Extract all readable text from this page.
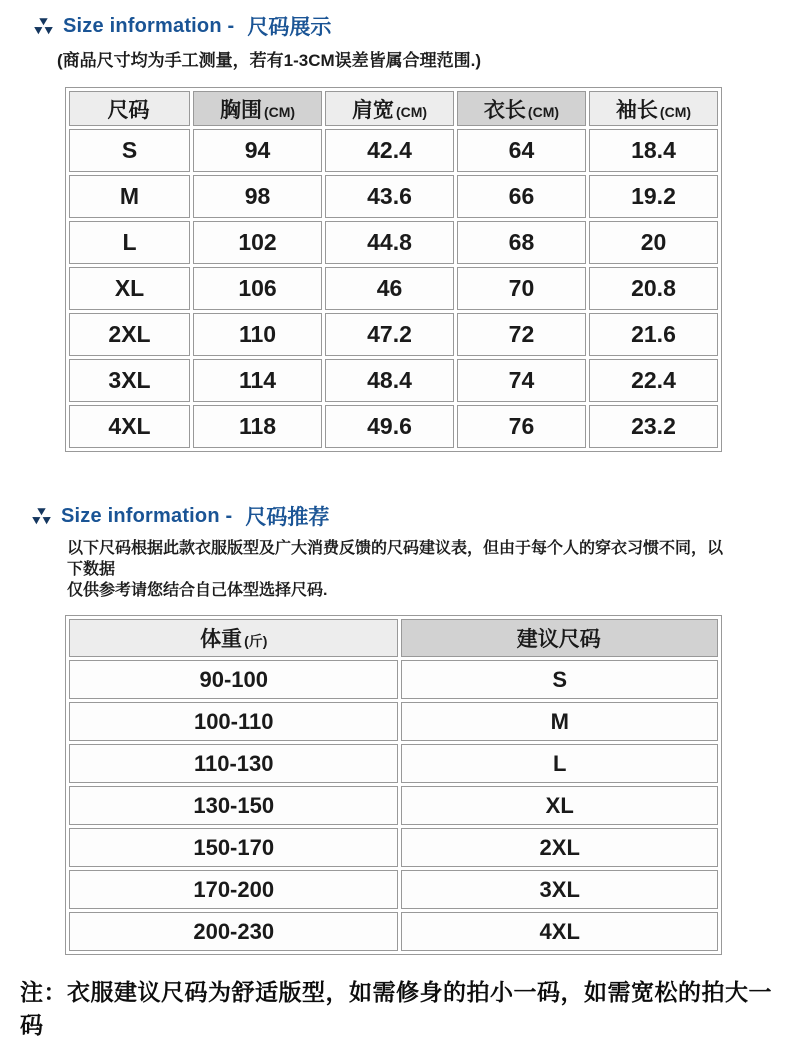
Size information - 尺码展示
(商品尺寸均为手工测量，若有1-3CM误差皆属合理范围.)
尺码	胸围 (CM)	肩宽 (CM)	衣长 (CM)	袖长 (CM)
S	94	42.4	64	18.4
M	98	43.6	66	19.2
L	102	44.8	68	20
XL	106	46	70	20.8
2XL	110	47.2	72	21.6
3XL	114	48.4	74	22.4
4XL	118	49.6	76	23.2
Size information - 尺码推荐
以下尺码根据此款衣服版型及广大消费反馈的尺码建议表，但由于每个人的穿衣习惯不同，以下数据
仅供参考请您结合自己体型选择尺码.
体重 (斤)	建议尺码
90-100	S
100-110	M
110-130	L
130-150	XL
150-170	2XL
170-200	3XL
200-230	4XL
注：衣服建议尺码为舒适版型，如需修身的拍小一码，如需宽松的拍大一码
